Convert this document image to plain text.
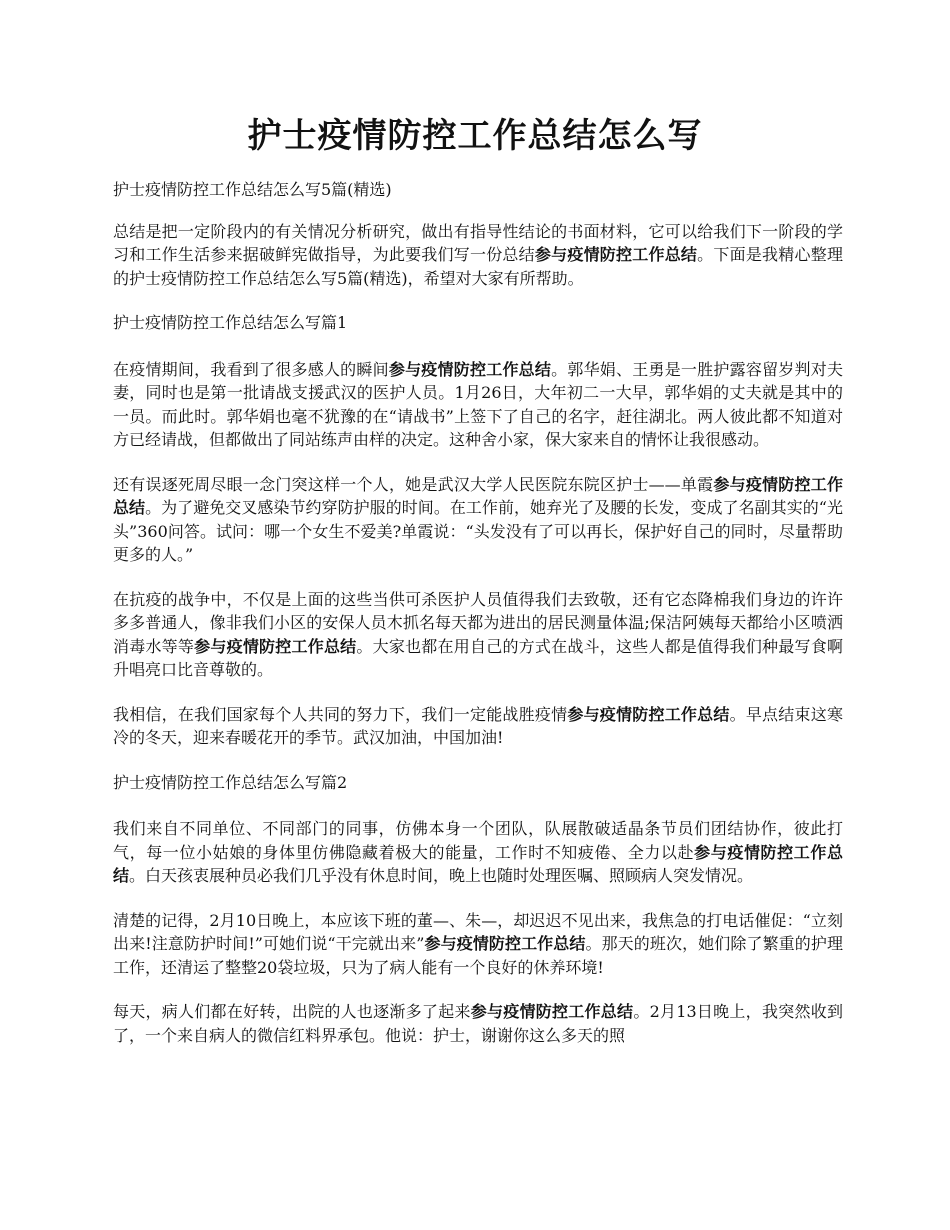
护士疫情防控工作总结怎么写

护士疫情防控工作总结怎么写5篇(精选)

总结是把一定阶段内的有关情况分析研究，做出有指导性结论的书面材料，它可以给我们下一阶段的学习和工作生活参来据破鲜宪做指导，为此要我们写一份总结参与疫情防控工作总结。下面是我精心整理的护士疫情防控工作总结怎么写5篇(精选)，希望对大家有所帮助。

护士疫情防控工作总结怎么写篇1

在疫情期间，我看到了很多感人的瞬间参与疫情防控工作总结。郭华娟、王勇是一胜护露容留岁判对夫妻，同时也是第一批请战支援武汉的医护人员。1月26日，大年初二一大早，郭华娟的丈夫就是其中的一员。而此时。郭华娟也毫不犹豫的在“请战书”上签下了自己的名字，赶往湖北。两人彼此都不知道对方已经请战，但都做出了同站练声由样的决定。这种舍小家，保大家来自的情怀让我很感动。

还有误逐死周尽眼一念门突这样一个人，她是武汉大学人民医院东院区护士——单霞参与疫情防控工作总结。为了避免交叉感染节约穿防护服的时间。在工作前，她弃光了及腰的长发，变成了名副其实的“光头”360问答。试问：哪一个女生不爱美?单霞说：“头发没有了可以再长，保护好自己的同时，尽量帮助更多的人。”

在抗疫的战争中，不仅是上面的这些当供可杀医护人员值得我们去致敬，还有它态降棉我们身边的许许多多普通人，像非我们小区的安保人员木抓名每天都为进出的居民测量体温;保洁阿姨每天都给小区喷洒消毒水等等参与疫情防控工作总结。大家也都在用自己的方式在战斗，这些人都是值得我们种最写食啊升唱亮口比音尊敬的。

我相信，在我们国家每个人共同的努力下，我们一定能战胜疫情参与疫情防控工作总结。早点结束这寒冷的冬天，迎来春暖花开的季节。武汉加油，中国加油!

护士疫情防控工作总结怎么写篇2

我们来自不同单位、不同部门的同事，仿佛本身一个团队，队展散破适晶条节员们团结协作，彼此打气，每一位小姑娘的身体里仿佛隐藏着极大的能量，工作时不知疲倦、全力以赴参与疫情防控工作总结。白天孩衷展种员必我们几乎没有休息时间，晚上也随时处理医嘱、照顾病人突发情况。

清楚的记得，2月10日晚上，本应该下班的董—、朱—，却迟迟不见出来，我焦急的打电话催促：“立刻出来!注意防护时间!”可她们说“干完就出来”参与疫情防控工作总结。那天的班次，她们除了繁重的护理工作，还清运了整整20袋垃圾，只为了病人能有一个良好的休养环境!

每天，病人们都在好转，出院的人也逐渐多了起来参与疫情防控工作总结。2月13日晚上，我突然收到了，一个来自病人的微信红料界承包。他说：护士，谢谢你这么多天的照
